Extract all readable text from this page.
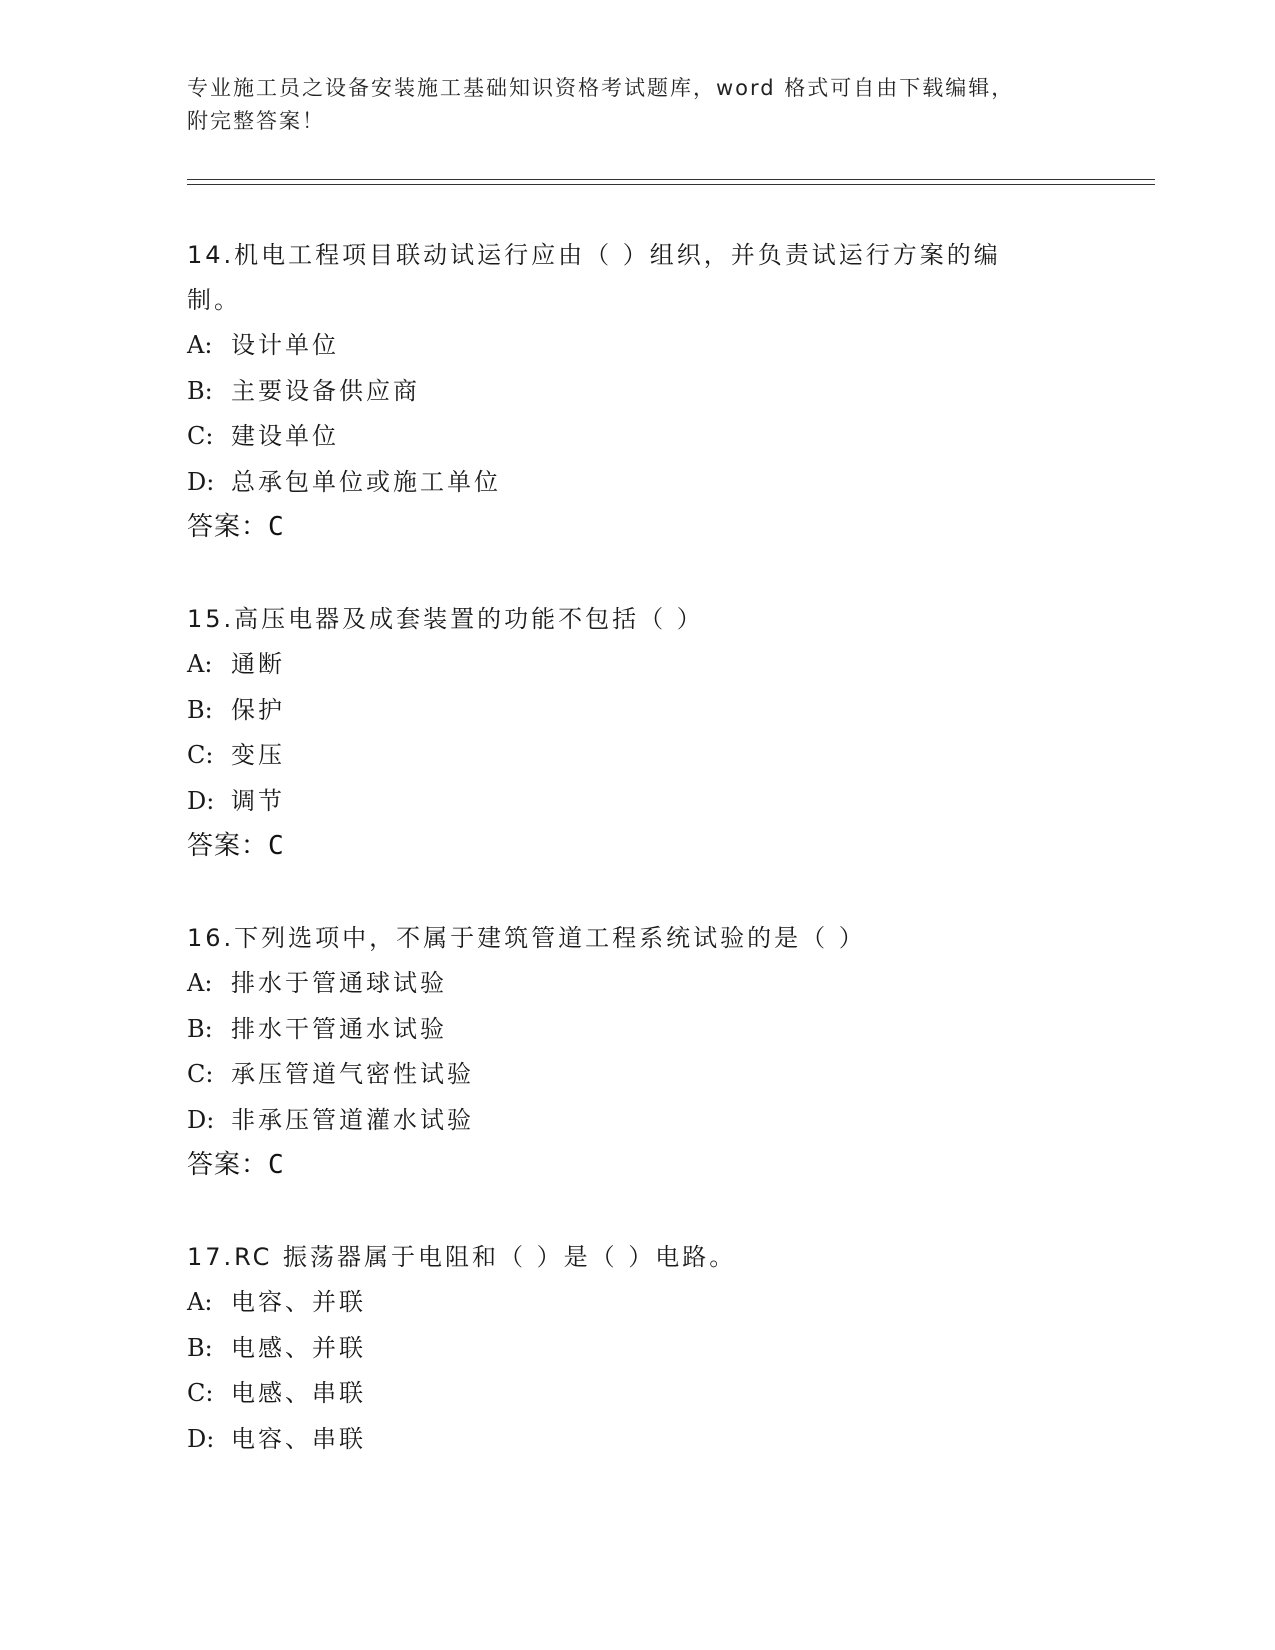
专业施工员之设备安装施工基础知识资格考试题库，word 格式可自由下载编辑，
附完整答案！
14.机电工程项目联动试运行应由（ ）组织，并负责试运行方案的编
制。
A: 设计单位
B: 主要设备供应商
C: 建设单位
D: 总承包单位或施工单位
答案：C
15.高压电器及成套装置的功能不包括（ ）
A: 通断
B: 保护
C: 变压
D: 调节
答案：C
16.下列选项中，不属于建筑管道工程系统试验的是（ ）
A: 排水于管通球试验
B: 排水干管通水试验
C: 承压管道气密性试验
D: 非承压管道灌水试验
答案：C
17.RC 振荡器属于电阻和（ ）是（ ）电路。
A: 电容、并联
B: 电感、并联
C: 电感、串联
D: 电容、串联
